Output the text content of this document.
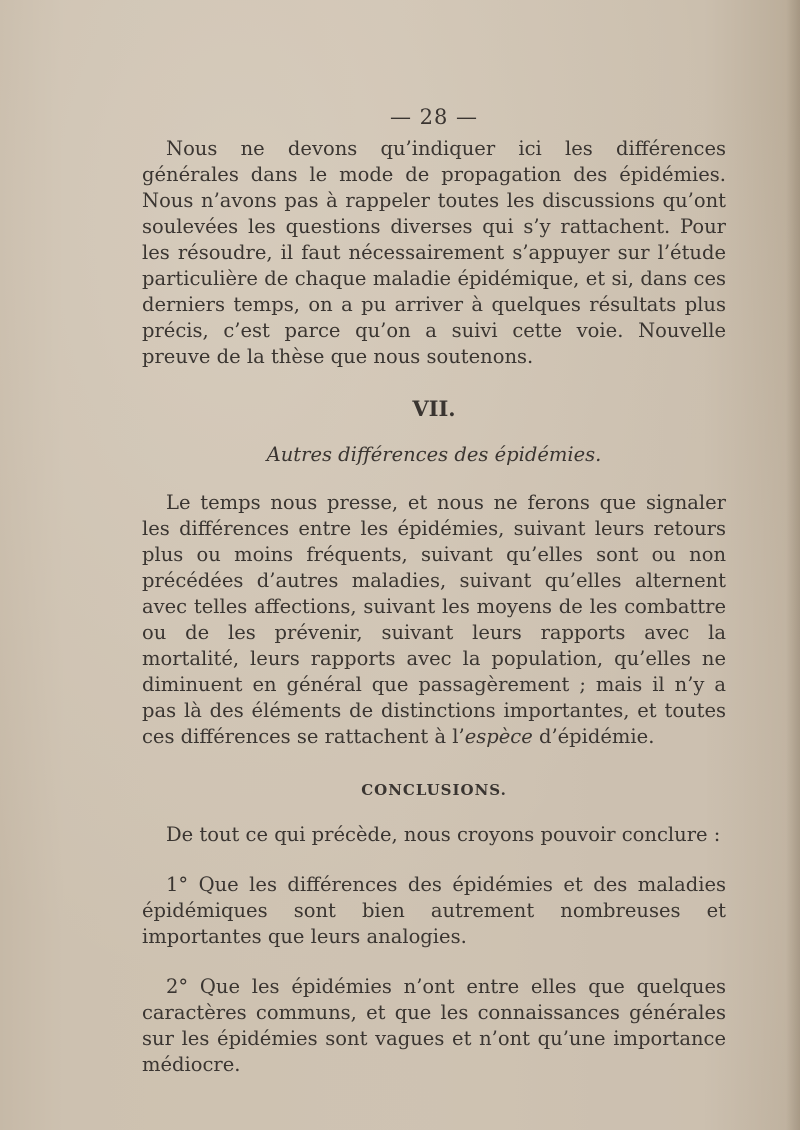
— 28 —

Nous ne devons qu’indiquer ici les différences générales dans le mode de propagation des épidémies. Nous n’avons pas à rappeler toutes les discussions qu’ont soulevées les questions diverses qui s’y rattachent. Pour les résoudre, il faut nécessairement s’appuyer sur l’étude particulière de chaque maladie épidémique, et si, dans ces derniers temps, on a pu arriver à quelques résultats plus précis, c’est parce qu’on a suivi cette voie. Nouvelle preuve de la thèse que nous soutenons.

VII.
Autres différences des épidémies.

Le temps nous presse, et nous ne ferons que signaler les différences entre les épidémies, suivant leurs retours plus ou moins fréquents, suivant qu’elles sont ou non précédées d’autres maladies, suivant qu’elles alternent avec telles affections, suivant les moyens de les combattre ou de les prévenir, suivant leurs rapports avec la mortalité, leurs rapports avec la population, qu’elles ne diminuent en général que passagèrement ; mais il n’y a pas là des éléments de distinctions importantes, et toutes ces différences se rattachent à l’espèce d’épidémie.

CONCLUSIONS.

De tout ce qui précède, nous croyons pouvoir conclure :

1° Que les différences des épidémies et des maladies épidémiques sont bien autrement nombreuses et importantes que leurs analogies.

2° Que les épidémies n’ont entre elles que quelques caractères communs, et que les connaissances générales sur les épidémies sont vagues et n’ont qu’une importance médiocre.
